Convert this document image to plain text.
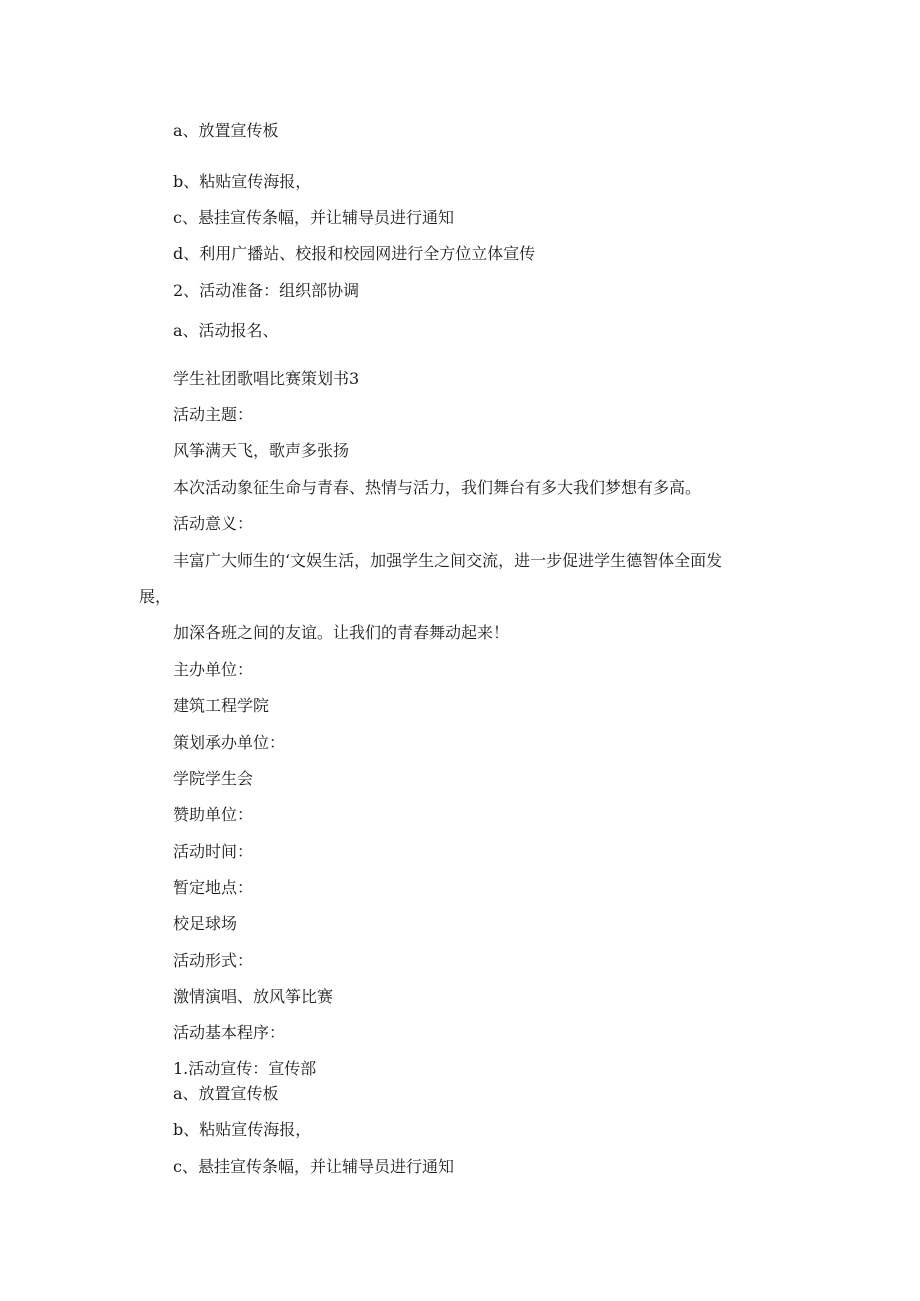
a、放置宣传板
b、粘贴宣传海报，
c、悬挂宣传条幅，并让辅导员进行通知
d、利用广播站、校报和校园网进行全方位立体宣传
2、活动准备：组织部协调
a、活动报名、
学生社团歌唱比赛策划书3
活动主题：
风筝满天飞，歌声多张扬
本次活动象征生命与青春、热情与活力，我们舞台有多大我们梦想有多高。
活动意义：
丰富广大师生的‘文娱生活，加强学生之间交流，进一步促进学生德智体全面发
展，
加深各班之间的友谊。让我们的青春舞动起来！
主办单位：
建筑工程学院
策划承办单位：
学院学生会
赞助单位：
活动时间：
暂定地点：
校足球场
活动形式：
激情演唱、放风筝比赛
活动基本程序：
1.活动宣传：宣传部
a、放置宣传板
b、粘贴宣传海报，
c、悬挂宣传条幅，并让辅导员进行通知
